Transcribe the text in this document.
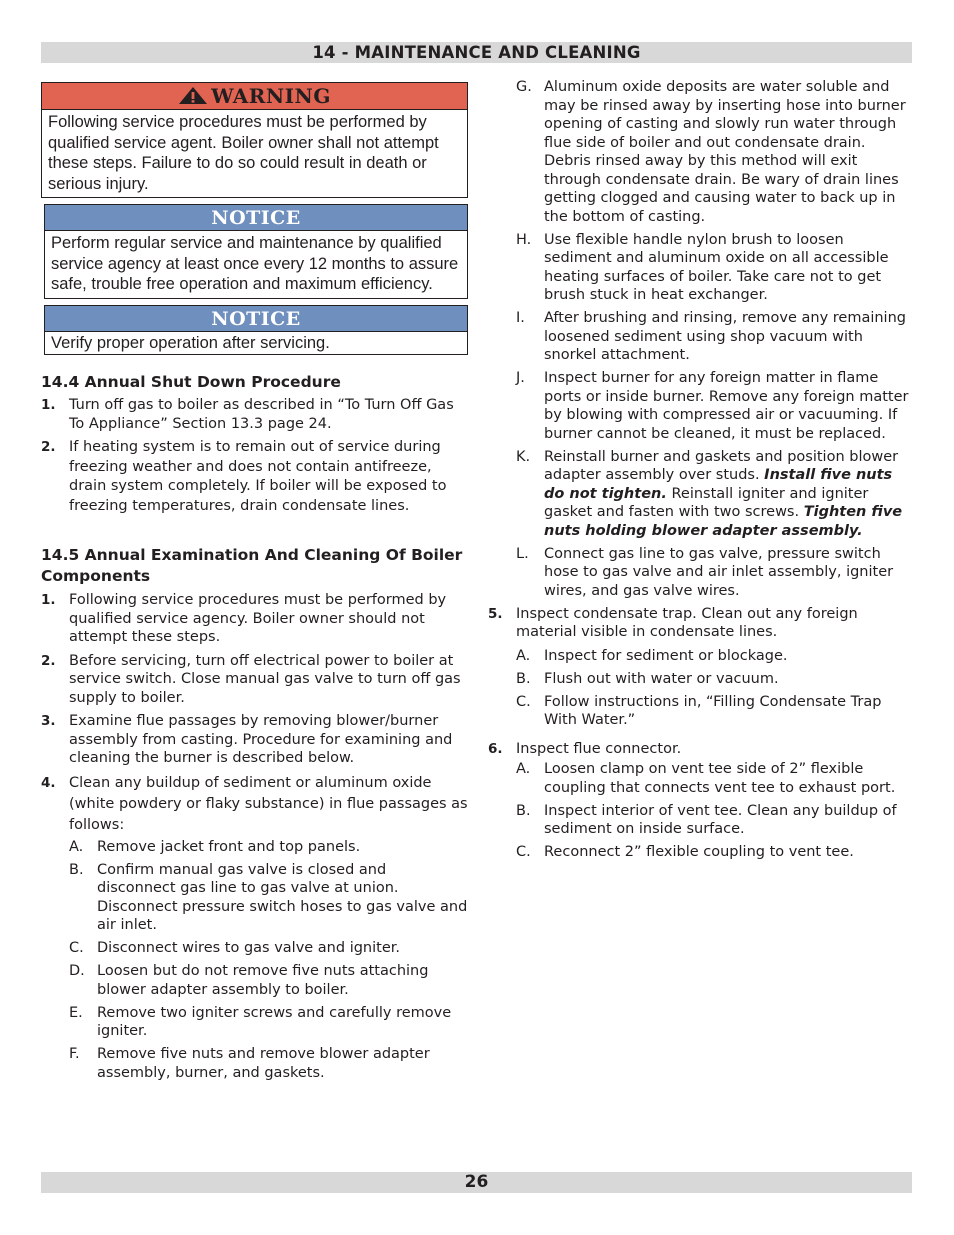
14 - MAINTENANCE AND CLEANING
WARNING
Following service procedures must be performed by qualified service agent. Boiler owner shall not attempt these steps. Failure to do so could result in death or serious injury.
NOTICE
Perform regular service and maintenance by qualified service agency at least once every 12 months to assure safe, trouble free operation and maximum efficiency.
NOTICE
Verify proper operation after servicing.
14.4 Annual Shut Down Procedure
1. Turn off gas to boiler as described in “To Turn Off Gas To Appliance” Section 13.3 page 24.
2. If heating system is to remain out of service during freezing weather and does not contain antifreeze, drain system completely. If boiler will be exposed to freezing temperatures, drain condensate lines.
14.5 Annual Examination And Cleaning Of Boiler Components
1. Following service procedures must be performed by qualified service agency. Boiler owner should not attempt these steps.
2. Before servicing, turn off electrical power to boiler at service switch. Close manual gas valve to turn off gas supply to boiler.
3. Examine flue passages by removing blower/burner assembly from casting. Procedure for examining and cleaning the burner is described below.
4. Clean any buildup of sediment or aluminum oxide (white powdery or flaky substance) in flue passages as follows:
A. Remove jacket front and top panels.
B. Confirm manual gas valve is closed and disconnect gas line to gas valve at union. Disconnect pressure switch hoses to gas valve and air inlet.
C. Disconnect wires to gas valve and igniter.
D. Loosen but do not remove five nuts attaching blower adapter assembly to boiler.
E. Remove two igniter screws and carefully remove igniter.
F.	Remove five nuts and remove blower adapter assembly, burner, and gaskets.
G. Aluminum oxide deposits are water soluble and may be rinsed away by inserting hose into burner opening of casting and slowly run water through flue side of boiler and out condensate drain. Debris rinsed away by this method will exit through condensate drain. Be wary of drain lines getting clogged and causing water to back up in the bottom of casting.
H. Use flexible handle nylon brush to loosen sediment and aluminum oxide on all accessible heating surfaces of boiler. Take care not to get brush stuck in heat exchanger.
I.	After brushing and rinsing, remove any remaining loosened sediment using shop vacuum with snorkel attachment.
J.	Inspect burner for any foreign matter in flame ports or inside burner. Remove any foreign matter by blowing with compressed air or vacuuming. If burner cannot be cleaned, it must be replaced.
K. Reinstall burner and gaskets and position blower adapter assembly over studs. Install five nuts do not tighten. Reinstall igniter and igniter gasket and fasten with two screws. Tighten five nuts holding blower adapter assembly.
L.	Connect gas line to gas valve, pressure switch hose to gas valve and air inlet assembly, igniter wires, and gas valve wires.
5. Inspect condensate trap. Clean out any foreign material visible in condensate lines.
A. Inspect for sediment or blockage.
B. Flush out with water or vacuum.
C. Follow instructions in, “Filling Condensate Trap With Water.”
6. Inspect flue connector.
A. Loosen clamp on vent tee side of 2” flexible coupling that connects vent tee to exhaust port.
B. Inspect interior of vent tee. Clean any buildup of sediment on inside surface.
C. Reconnect 2” flexible coupling to vent tee.
26
